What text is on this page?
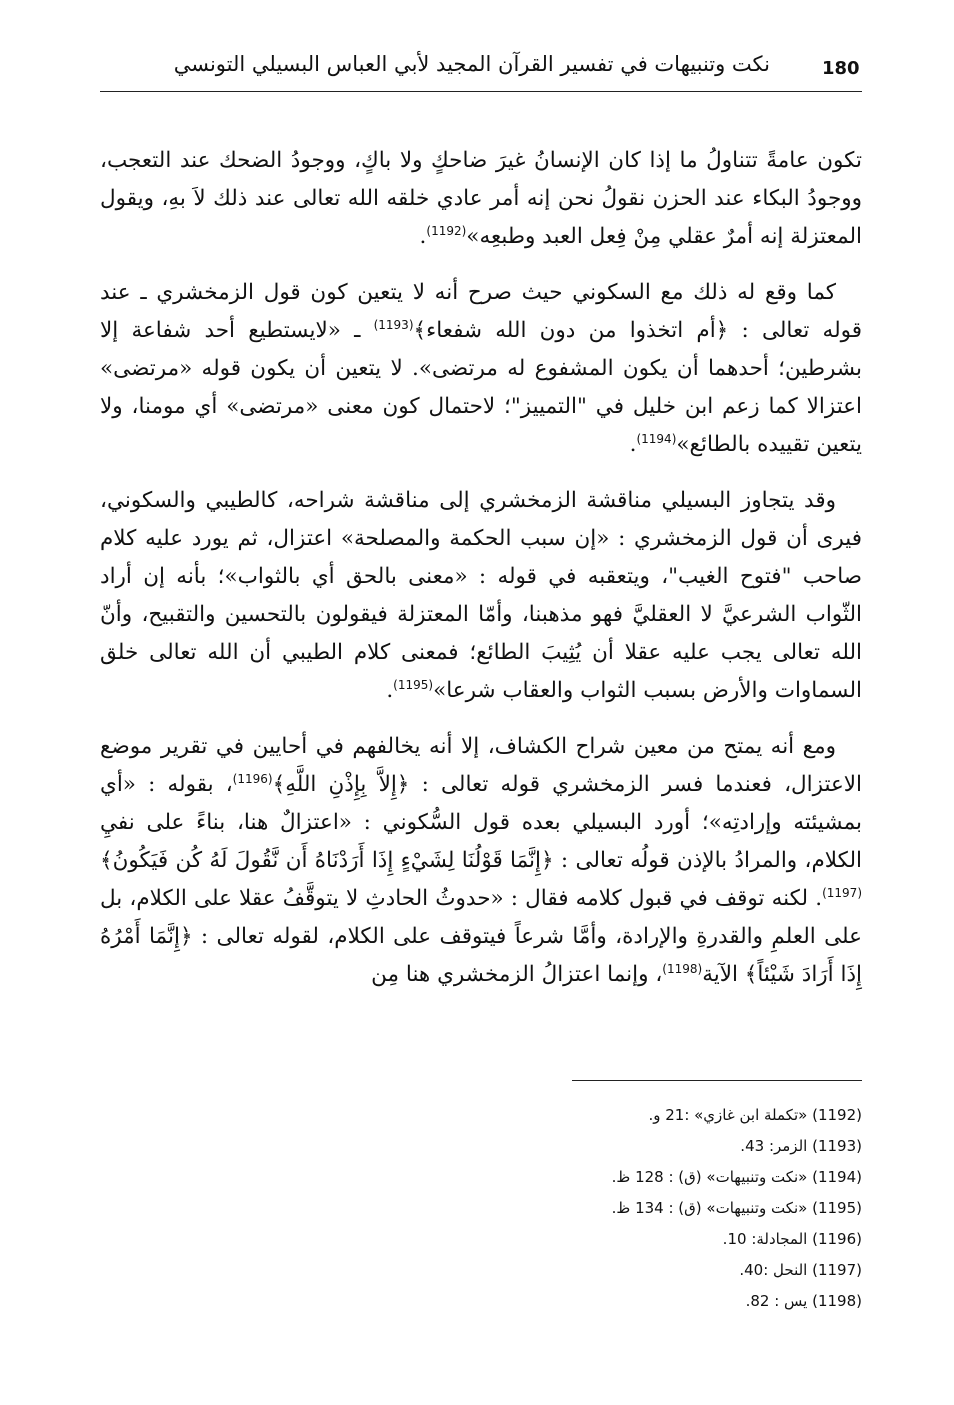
180
نكت وتنبيهات في تفسير القرآن المجيد لأبي العباس البسيلي التونسي

تكون عامةً تتناولُ ما إذا كان الإنسانُ غيرَ ضاحكٍ ولا باكٍ، ووجودُ الضحك عند التعجب، ووجودُ البكاء عند الحزن نقولُ نحن إنه أمر عادي خلقه الله تعالى عند ذلك لاَ بهِ، ويقول المعتزلة إنه أمرٌ عقلي مِنْ فِعل العبد وطبعِه»$^{(1192)}$.

كما وقع له ذلك مع السكوني حيث صرح أنه لا يتعين كون قول الزمخشري ـ عند قوله تعالى : ﴿أم اتخذوا من دون الله شفعاء﴾$^{(1193)}$ ـ «لايستطيع أحد شفاعة إلا بشرطين؛ أحدهما أن يكون المشفوع له مرتضى». لا يتعين أن يكون قوله «مرتضى» اعتزالا كما زعم ابن خليل في "التمييز"؛ لاحتمال كون معنى «مرتضى» أي مومنا، ولا يتعين تقييده بالطائع»$^{(1194)}$.

وقد يتجاوز البسيلي مناقشة الزمخشري إلى مناقشة شراحه، كالطيبي والسكوني، فيرى أن قول الزمخشري : «إن سبب الحكمة والمصلحة» اعتزال، ثم يورد عليه كلام صاحب "فتوح الغيب"، ويتعقبه في قوله : «معنى بالحق أي بالثواب»؛ بأنه إن أراد الثّواب الشرعيَّ لا العقليَّ فهو مذهبنا، وأمّا المعتزلة فيقولون بالتحسين والتقبيح، وأنّ الله تعالى يجب عليه عقلا أن يُثِيبَ الطائع؛ فمعنى كلام الطيبي أن الله تعالى خلق السماوات والأرض بسبب الثواب والعقاب شرعا»$^{(1195)}$.

ومع أنه يمتح من معين شراح الكشاف، إلا أنه يخالفهم في أحايين في تقرير موضع الاعتزال، فعندما فسر الزمخشري قوله تعالى : ﴿إِلاَّ بِإِذْنِ اللَّهِ﴾$^{(1196)}$، بقوله : «أي بمشيئته وإرادتِه»؛ أورد البسيلي بعده قول السُّكوني : «اعتزالٌ هنا، بناءً على نفيِ الكلام، والمرادُ بالإذن قولُه تعالى : ﴿إِنَّمَا قَوْلُنَا لِشَيْءٍ إِذَا أَرَدْنَاهُ أَن نَّقُولَ لَهُ كُن فَيَكُونُ﴾$^{(1197)}$. لكنه توقف في قبول كلامه فقال : «حدوثُ الحادثِ لا يتوقَّفُ عقلا على الكلام، بل على العلمِ والقدرةِ والإرادة، وأمَّا شرعاً فيتوقف على الكلام، لقوله تعالى : ﴿إِنَّمَا أَمْرُهُ إِذَا أَرَادَ شَيْئاً﴾ الآية$^{(1198)}$، وإنما اعتزالُ الزمخشري هنا مِن

(1192) «تكملة ابن غازي» :21 و.
(1193) الزمر: 43.
(1194) «نكت وتنبيهات» (ق) : 128 ظ.
(1195) «نكت وتنبيهات» (ق) : 134 ظ.
(1196) المجادلة: 10.
(1197) النحل :40.
(1198) يس : 82.
